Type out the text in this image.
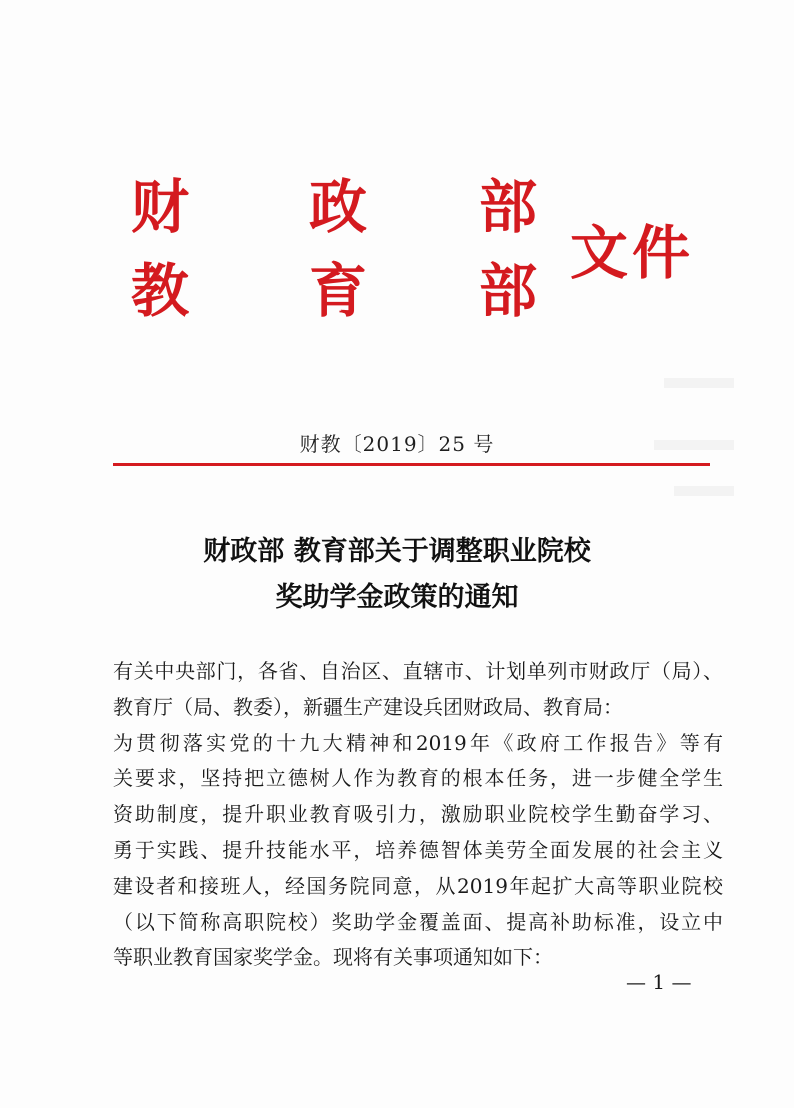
财 政 部
教 育 部
文件
财教〔2019〕25 号
财政部 教育部关于调整职业院校
奖助学金政策的通知
有关中央部门，各省、自治区、直辖市、计划单列市财政厅（局）、
教育厅（局、教委），新疆生产建设兵团财政局、教育局：
为贯彻落实党的十九大精神和2019年《政府工作报告》等有
关要求，坚持把立德树人作为教育的根本任务，进一步健全学生
资助制度，提升职业教育吸引力，激励职业院校学生勤奋学习、
勇于实践、提升技能水平，培养德智体美劳全面发展的社会主义
建设者和接班人，经国务院同意，从2019年起扩大高等职业院校
（以下简称高职院校）奖助学金覆盖面、提高补助标准，设立中
等职业教育国家奖学金。现将有关事项通知如下：
— 1 —
